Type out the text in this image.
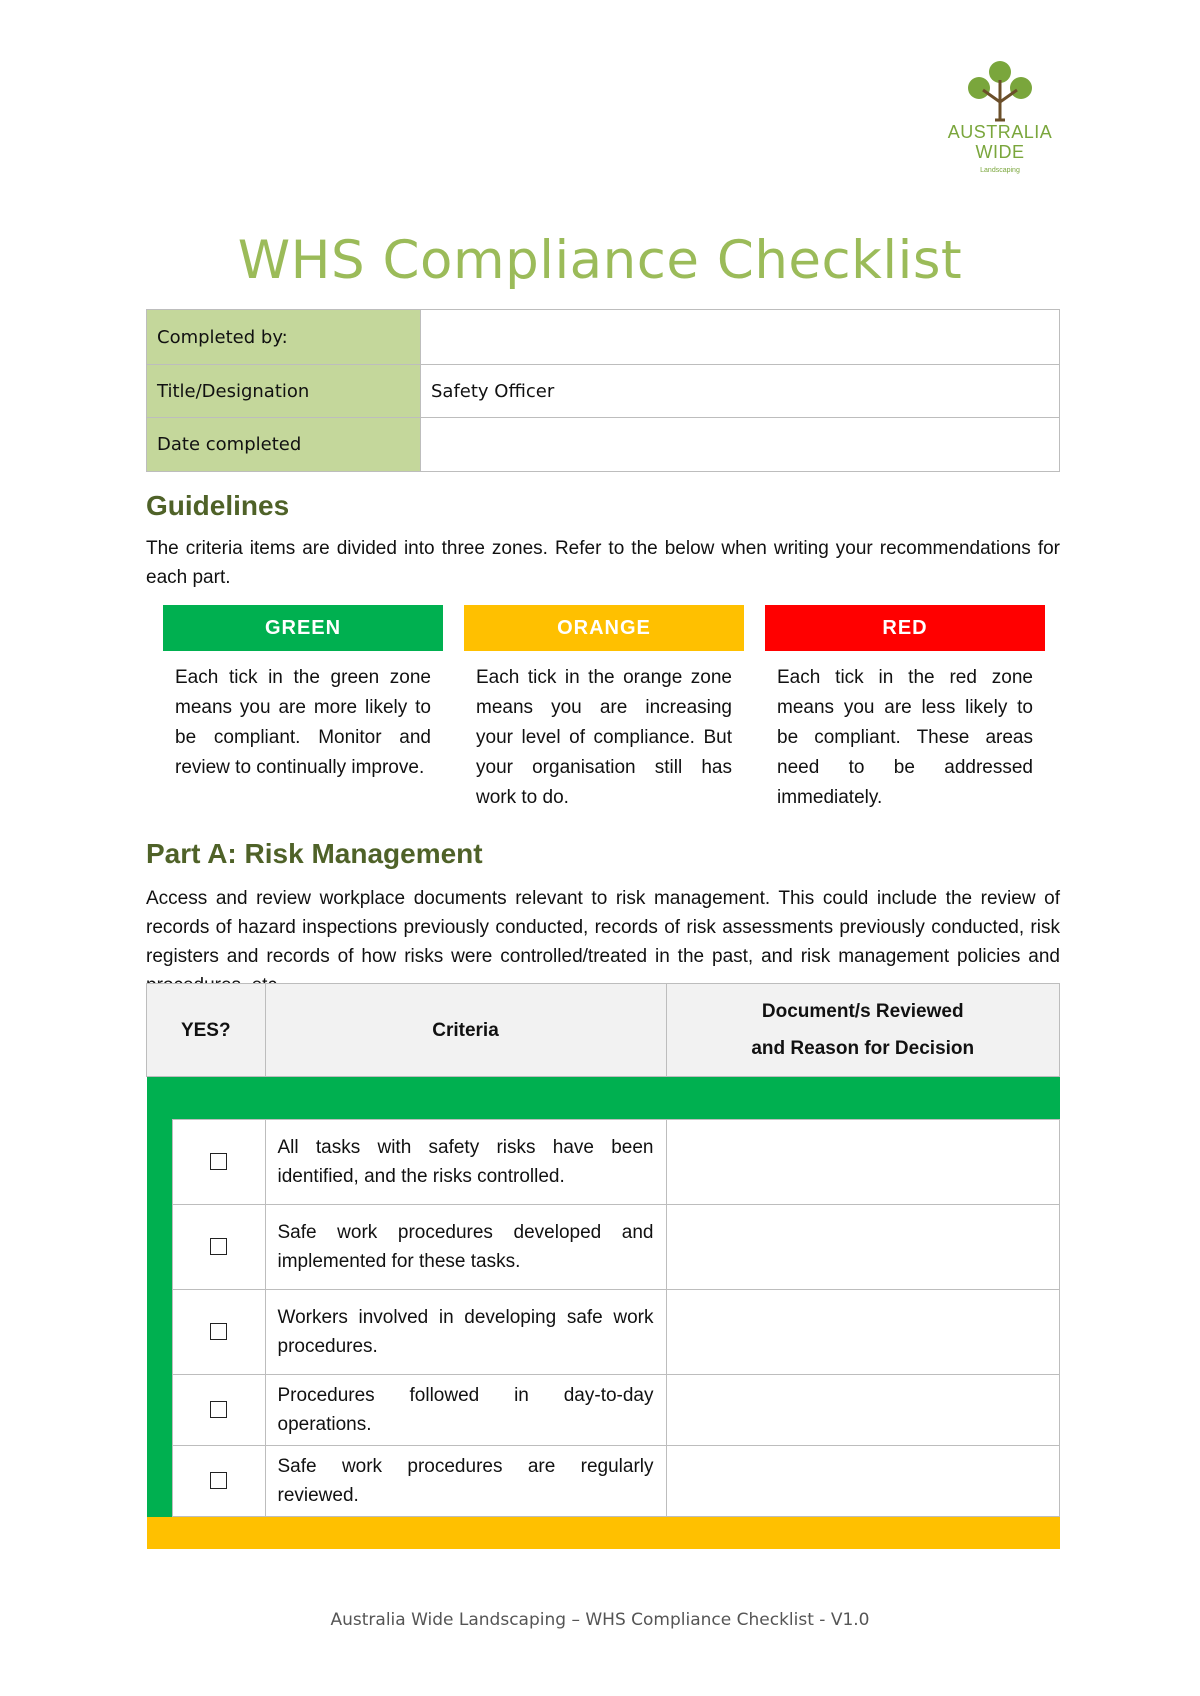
AUSTRALIA
WIDE
Landscaping
WHS Compliance Checklist
Completed by:	
Title/Designation	Safety Officer
Date completed	
Guidelines
The criteria items are divided into three zones. Refer to the below when writing your recommendations for each part.
GREEN
Each tick in the green zone means you are more likely to be compliant. Monitor and review to continually improve.
ORANGE
Each tick in the orange zone means you are increasing your level of compliance. But your organisation still has work to do.
RED
Each tick in the red zone means you are less likely to be compliant. These areas need to be addressed immediately.
Part A: Risk Management
Access and review workplace documents relevant to risk management. This could include the review of records of hazard inspections previously conducted, records of risk assessments previously conducted, risk registers and records of how risks were controlled/treated in the past, and risk management policies and
YES?		Criteria	Document/s Reviewed
and Reason for Decision

		All tasks with safety risks have been identified, and the risks controlled.	
		Safe work procedures developed and implemented for these tasks.	
		Workers involved in developing safe work procedures.	
		Procedures followed in day-to-day operations.	
		Safe work procedures are regularly reviewed.	

Australia Wide Landscaping – WHS Compliance Checklist - V1.0
